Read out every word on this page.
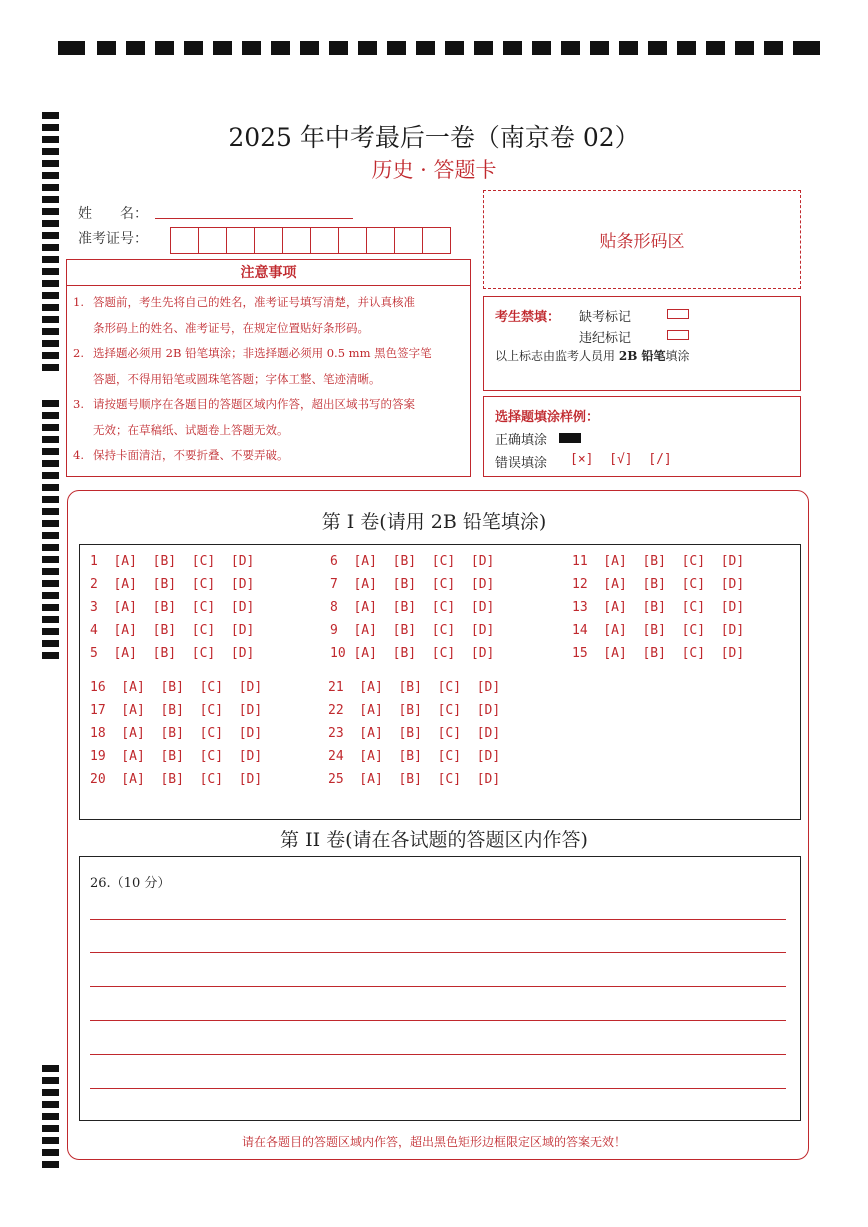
2025 年中考最后一卷（南京卷 02）
历史 · 答题卡
姓　　名：
准考证号：	贴条形码区
注意事项
1. 答题前，考生先将自己的姓名，准考证号填写清楚，并认真核准
条形码上的姓名、准考证号，在规定位置贴好条形码。
2. 选择题必须用 2B 铅笔填涂；非选择题必须用 0.5 mm 黑色签字笔
答题，不得用铅笔或圆珠笔答题；字体工整、笔迹清晰。
3. 请按题号顺序在各题目的答题区域内作答，超出区域书写的答案
无效；在草稿纸、试题卷上答题无效。
4. 保持卡面清洁，不要折叠、不要弄破。
考生禁填： 缺考标记
违纪标记
以上标志由监考人员用 2B 铅笔填涂
选择题填涂样例：
正确填涂
错误填涂 [×]  [√]  [/]
第 I 卷(请用 2B 铅笔填涂)
1  [A]  [B]  [C]  [D]
2  [A]  [B]  [C]  [D]
3  [A]  [B]  [C]  [D]
4  [A]  [B]  [C]  [D]
5  [A]  [B]  [C]  [D]
6  [A]  [B]  [C]  [D]
7  [A]  [B]  [C]  [D]
8  [A]  [B]  [C]  [D]
9  [A]  [B]  [C]  [D]
10 [A]  [B]  [C]  [D]
11  [A]  [B]  [C]  [D]
12  [A]  [B]  [C]  [D]
13  [A]  [B]  [C]  [D]
14  [A]  [B]  [C]  [D]
15  [A]  [B]  [C]  [D]
16  [A]  [B]  [C]  [D]
17  [A]  [B]  [C]  [D]
18  [A]  [B]  [C]  [D]
19  [A]  [B]  [C]  [D]
20  [A]  [B]  [C]  [D]
21  [A]  [B]  [C]  [D]
22  [A]  [B]  [C]  [D]
23  [A]  [B]  [C]  [D]
24  [A]  [B]  [C]  [D]
25  [A]  [B]  [C]  [D]
第 II 卷(请在各试题的答题区内作答)
26.（10 分）
请在各题目的答题区域内作答，超出黑色矩形边框限定区域的答案无效！
